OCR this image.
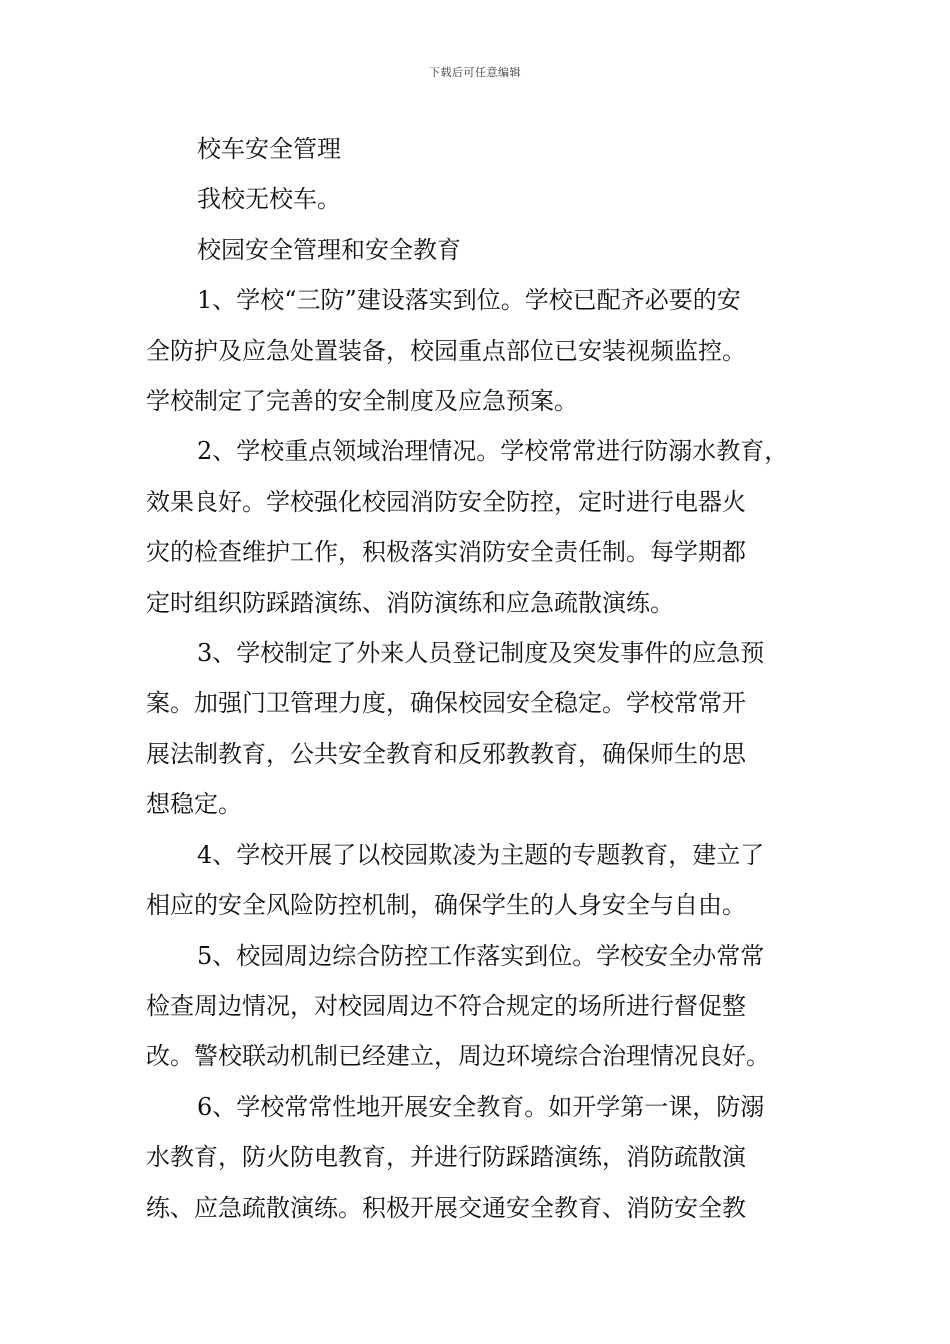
下载后可任意编辑

校车安全管理

我校无校车。

校园安全管理和安全教育

1、学校“三防”建设落实到位。学校已配齐必要的安

全防护及应急处置装备，校园重点部位已安装视频监控。

学校制定了完善的安全制度及应急预案。

2、学校重点领域治理情况。学校常常进行防溺水教育，

效果良好。学校强化校园消防安全防控，定时进行电器火

灾的检查维护工作，积极落实消防安全责任制。每学期都

定时组织防踩踏演练、消防演练和应急疏散演练。

3、学校制定了外来人员登记制度及突发事件的应急预

案。加强门卫管理力度，确保校园安全稳定。学校常常开

展法制教育，公共安全教育和反邪教教育，确保师生的思

想稳定。

4、学校开展了以校园欺凌为主题的专题教育，建立了

相应的安全风险防控机制，确保学生的人身安全与自由。

5、校园周边综合防控工作落实到位。学校安全办常常

检查周边情况，对校园周边不符合规定的场所进行督促整

改。警校联动机制已经建立，周边环境综合治理情况良好。

6、学校常常性地开展安全教育。如开学第一课，防溺

水教育，防火防电教育，并进行防踩踏演练，消防疏散演

练、应急疏散演练。积极开展交通安全教育、消防安全教
